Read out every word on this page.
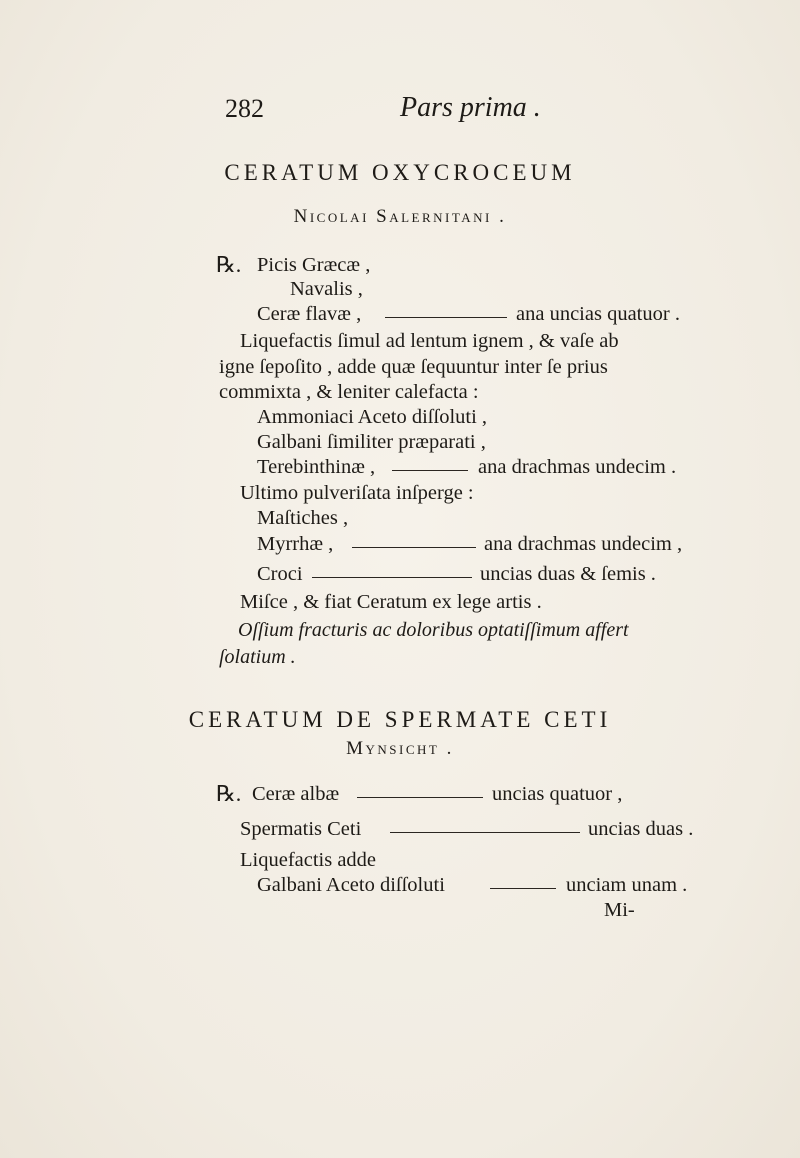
282	Pars prima .
CERATUM OXYCROCEUM
Nicolai Salernitani .
℞. Picis Græcæ ,
Navalis ,
Ceræ flavæ ,	ana uncias quatuor .
Liquefactis ſimul ad lentum ignem , & vaſe ab
igne ſepoſito , adde quæ ſequuntur inter ſe prius
commixta , & leniter calefacta :
Ammoniaci Aceto diſſoluti ,
Galbani ſimiliter præparati ,
Terebinthinæ ,	ana drachmas undecim .
Ultimo pulveriſata inſperge :
Maſtiches ,
Myrrhæ ,	ana drachmas undecim ,
Croci	uncias duas & ſemis .
Miſce , & fiat Ceratum ex lege artis .
Oſſium fracturis ac doloribus optatiſſimum affert
ſolatium .
CERATUM DE SPERMATE CETI
Mynsicht .
℞. Ceræ albæ	uncias quatuor ,
Spermatis Ceti	uncias duas .
Liquefactis adde
Galbani Aceto diſſoluti	unciam unam .
Mi-
